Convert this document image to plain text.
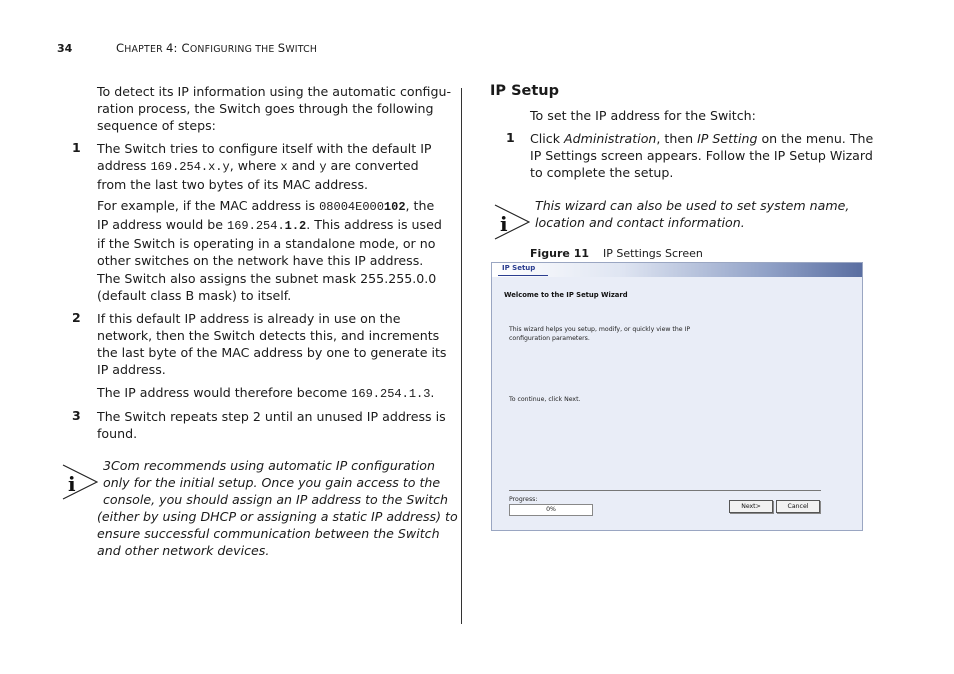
34	CHAPTER 4: CONFIGURING THE SWITCH
To detect its IP information using the automatic configu-
ration process, the Switch goes through the following
sequence of steps:
1 The Switch tries to configure itself with the default IP
address 169.254.x.y, where x and y are converted
from the last two bytes of its MAC address.
For example, if the MAC address is 08004E000102, the
IP address would be 169.254.1.2. This address is used
if the Switch is operating in a standalone mode, or no
other switches on the network have this IP address.
The Switch also assigns the subnet mask 255.255.0.0
(default class B mask) to itself.
2 If this default IP address is already in use on the
network, then the Switch detects this, and increments
the last byte of the MAC address by one to generate its
IP address.
The IP address would therefore become 169.254.1.3.
3 The Switch repeats step 2 until an unused IP address is
found.
i
3Com recommends using automatic IP configuration
only for the initial setup. Once you gain access to the
console, you should assign an IP address to the Switch
(either by using DHCP or assigning a static IP address) to
ensure successful communication between the Switch
and other network devices.
IP Setup
To set the IP address for the Switch:
1 Click Administration, then IP Setting on the menu. The
IP Settings screen appears. Follow the IP Setup Wizard
to complete the setup.
i
This wizard can also be used to set system name,
location and contact information.
Figure 11 IP Settings Screen
IP Setup
Welcome to the IP Setup Wizard
This wizard helps you setup, modify, or quickly view the IP
configuration parameters.
To continue, click Next.
Progress:
0%	Next>	Cancel
